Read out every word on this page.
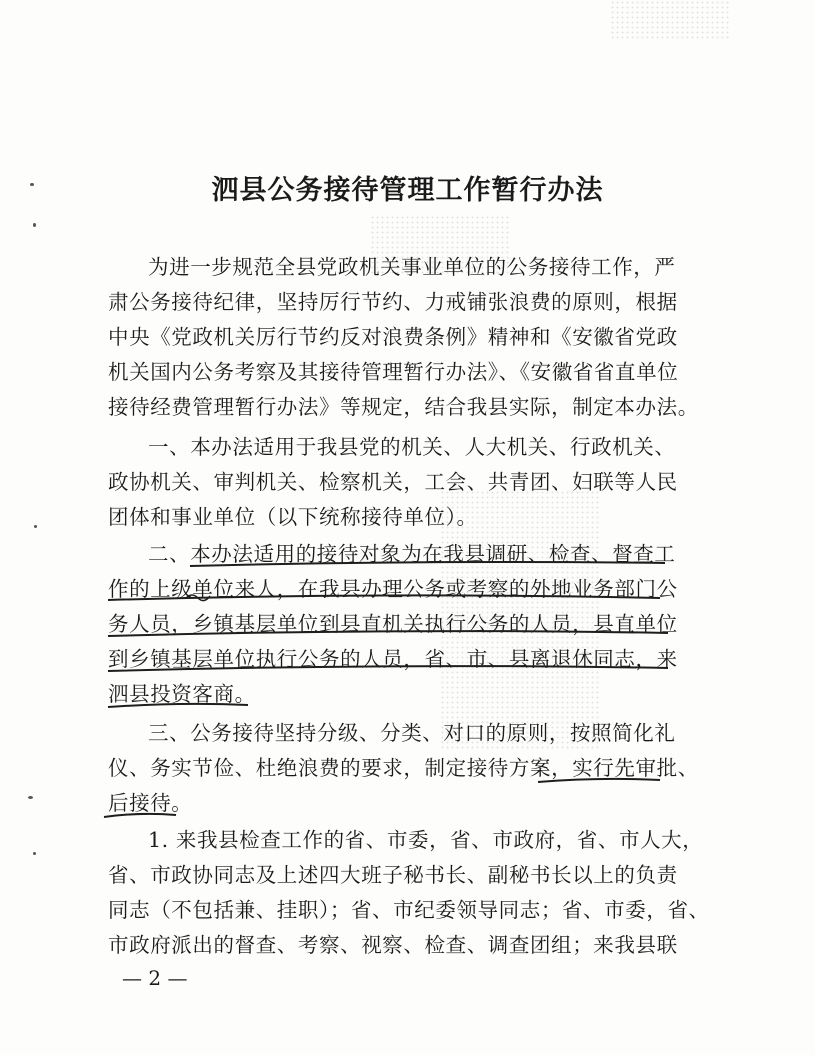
泗县公务接待管理工作暂行办法
为进一步规范全县党政机关事业单位的公务接待工作，严
肃公务接待纪律，坚持厉行节约、力戒铺张浪费的原则，根据
中央《党政机关厉行节约反对浪费条例》精神和《安徽省党政
机关国内公务考察及其接待管理暂行办法》、《安徽省省直单位
接待经费管理暂行办法》等规定，结合我县实际，制定本办法。
一、本办法适用于我县党的机关、人大机关、行政机关、
政协机关、审判机关、检察机关，工会、共青团、妇联等人民
团体和事业单位（以下统称接待单位）。
二、本办法适用的接待对象为在我县调研、检查、督查工
作的上级单位来人，在我县办理公务或考察的外地业务部门公
务人员，乡镇基层单位到县直机关执行公务的人员，县直单位
到乡镇基层单位执行公务的人员，省、市、县离退休同志，来
泗县投资客商。
三、公务接待坚持分级、分类、对口的原则，按照简化礼
仪、务实节俭、杜绝浪费的要求，制定接待方案，实行先审批、
后接待。
1. 来我县检查工作的省、市委，省、市政府，省、市人大，
省、市政协同志及上述四大班子秘书长、副秘书长以上的负责
同志（不包括兼、挂职）；省、市纪委领导同志；省、市委，省、
市政府派出的督查、考察、视察、检查、调查团组；来我县联
— 2 —
